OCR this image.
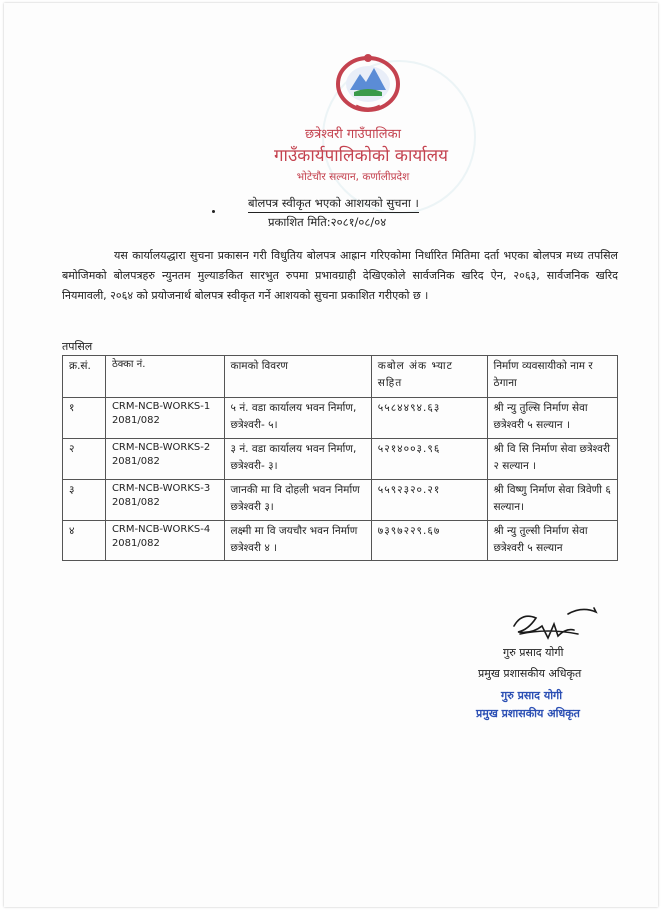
छत्रेश्वरी गाउँपालिका
गाउँकार्यपालिकोको कार्यालय
भोटेचौर सल्यान, कर्णालीप्रदेश
बोलपत्र स्वीकृत भएको आशयको सुचना ।
प्रकाशित मिति:२०८१/०८/०४
यस कार्यालयद्धारा सुचना प्रकासन गरी विधुतिय बोलपत्र आह्रान गरिएकोमा निर्धारित मितिमा दर्ता भएका बोलपत्र मध्य तपसिल बमोजिमको बोलपत्रहरु न्युनतम मुल्याङकित सारभुत रुपमा प्रभावग्राही देखिएकोले सार्वजनिक खरिद ऐन, २०६३, सार्वजनिक खरिद नियमावली, २०६४ को प्रयोजनार्थ बोलपत्र स्वीकृत गर्ने आशयको सुचना प्रकाशित गरीएको छ ।
तपसिल
क्र.सं.	ठेक्का नं.	कामको विवरण	कबोल अंक भ्याट सहित	निर्माण व्यवसायीको नाम र ठेगाना
१	CRM-NCB-WORKS-1 2081/082	५ नं. वडा कार्यालय भवन निर्माण, छत्रेश्वरी- ५।	५५८४४९४.६३	श्री न्यु तुल्सि निर्माण सेवा छत्रेश्वरी ५ सल्यान ।
२	CRM-NCB-WORKS-2 2081/082	३ नं. वडा कार्यालय भवन निर्माण, छत्रेश्वरी- ३।	५२१४००३.९६	श्री वि सि निर्माण सेवा छत्रेश्वरी २ सल्यान ।
३	CRM-NCB-WORKS-3 2081/082	जानकी मा वि दोहली भवन निर्माण छत्रेश्वरी ३।	५५९२३२०.२१	श्री विष्णु निर्माण सेवा त्रिवेणी ६ सल्यान।
४	CRM-NCB-WORKS-4 2081/082	लक्ष्मी मा वि जयचौर भवन निर्माण छत्रेश्वरी ४ ।	७३९७२२९.६७	श्री न्यु तुल्सी निर्माण सेवा छत्रेश्वरी ५ सल्यान
गुरु प्रसाद योगी
प्रमुख प्रशासकीय अधिकृत
गुरु प्रसाद योगी
प्रमुख प्रशासकीय अधिकृत
